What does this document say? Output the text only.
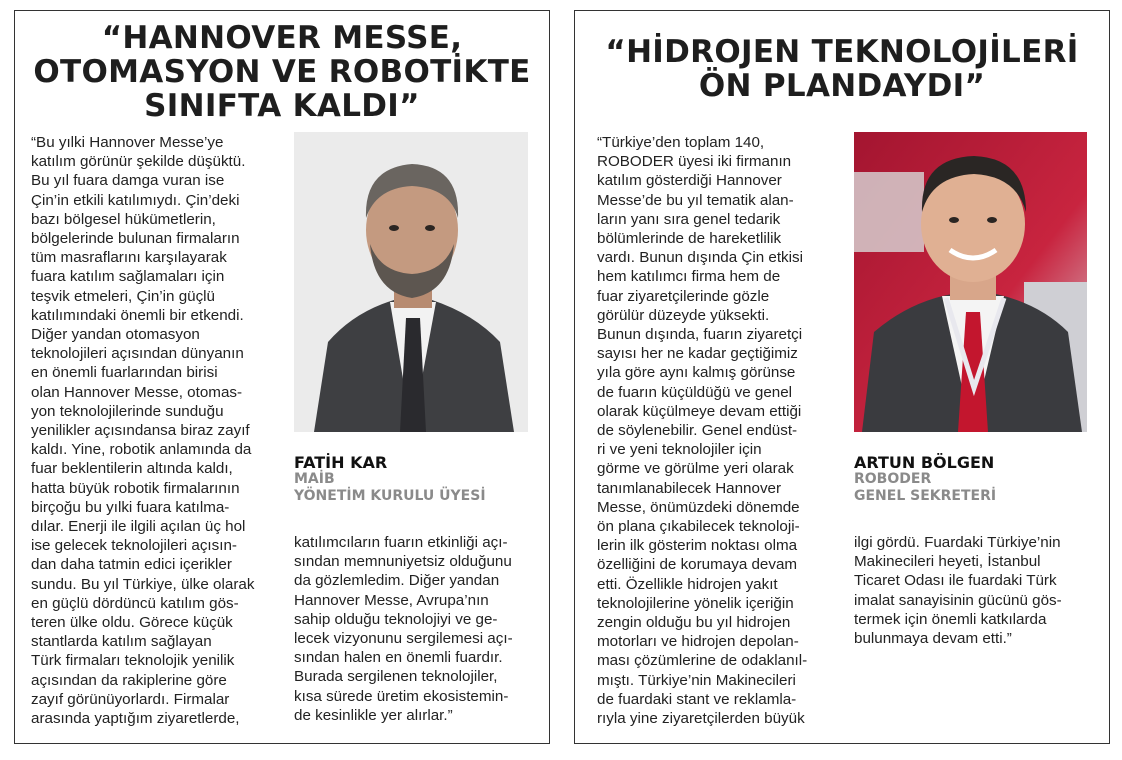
“HANNOVER MESSE,
OTOMASYON VE ROBOTİKTE
SINIFTA KALDI”
“Bu yılki Hannover Messe’ye
katılım görünür şekilde düşüktü.
Bu yıl fuara damga vuran ise
Çin’in etkili katılımıydı. Çin’deki
bazı bölgesel hükümetlerin,
bölgelerinde bulunan firmaların
tüm masraflarını karşılayarak
fuara katılım sağlamaları için
teşvik etmeleri, Çin’in güçlü
katılımındaki önemli bir etkendi.
Diğer yandan otomasyon
teknolojileri açısından dünyanın
en önemli fuarlarından birisi
olan Hannover Messe, otomas-
yon teknolojilerinde sunduğu
yenilikler açısındansa biraz zayıf
kaldı. Yine, robotik anlamında da
fuar beklentilerin altında kaldı,
hatta büyük robotik firmalarının
birçoğu bu yılki fuara katılma-
dılar. Enerji ile ilgili açılan üç hol
ise gelecek teknolojileri açısın-
dan daha tatmin edici içerikler
sundu. Bu yıl Türkiye, ülke olarak
en güçlü dördüncü katılım gös-
teren ülke oldu. Görece küçük
stantlarda katılım sağlayan
Türk firmaları teknolojik yenilik
açısından da rakiplerine göre
zayıf görünüyorlardı. Firmalar
arasında yaptığım ziyaretlerde,
FATİH KAR
MAİB
YÖNETİM KURULU ÜYESİ
katılımcıların fuarın etkinliği açı-
sından memnuniyetsiz olduğunu
da gözlemledim. Diğer yandan
Hannover Messe, Avrupa’nın
sahip olduğu teknolojiyi ve ge-
lecek vizyonunu sergilemesi açı-
sından halen en önemli fuardır.
Burada sergilenen teknolojiler,
kısa sürede üretim ekosistemin-
de kesinlikle yer alırlar.”
“HİDROJEN TEKNOLOJİLERİ
ÖN PLANDAYDI”
“Türkiye’den toplam 140,
ROBODER üyesi iki firmanın
katılım gösterdiği Hannover
Messe’de bu yıl tematik alan-
ların yanı sıra genel tedarik
bölümlerinde de hareketlilik
vardı. Bunun dışında Çin etkisi
hem katılımcı firma hem de
fuar ziyaretçilerinde gözle
görülür düzeyde yüksekti.
Bunun dışında, fuarın ziyaretçi
sayısı her ne kadar geçtiğimiz
yıla göre aynı kalmış görünse
de fuarın küçüldüğü ve genel
olarak küçülmeye devam ettiği
de söylenebilir. Genel endüst-
ri ve yeni teknolojiler için
görme ve görülme yeri olarak
tanımlanabilecek Hannover
Messe, önümüzdeki dönemde
ön plana çıkabilecek teknoloji-
lerin ilk gösterim noktası olma
özelliğini de korumaya devam
etti. Özellikle hidrojen yakıt
teknolojilerine yönelik içeriğin
zengin olduğu bu yıl hidrojen
motorları ve hidrojen depolan-
ması çözümlerine de odaklanıl-
mıştı. Türkiye’nin Makinecileri
de fuardaki stant ve reklamla-
rıyla yine ziyaretçilerden büyük
ARTUN BÖLGEN
ROBODER
GENEL SEKRETERİ
ilgi gördü. Fuardaki Türkiye’nin
Makinecileri heyeti, İstanbul
Ticaret Odası ile fuardaki Türk
imalat sanayisinin gücünü gös-
termek için önemli katkılarda
bulunmaya devam etti.”
